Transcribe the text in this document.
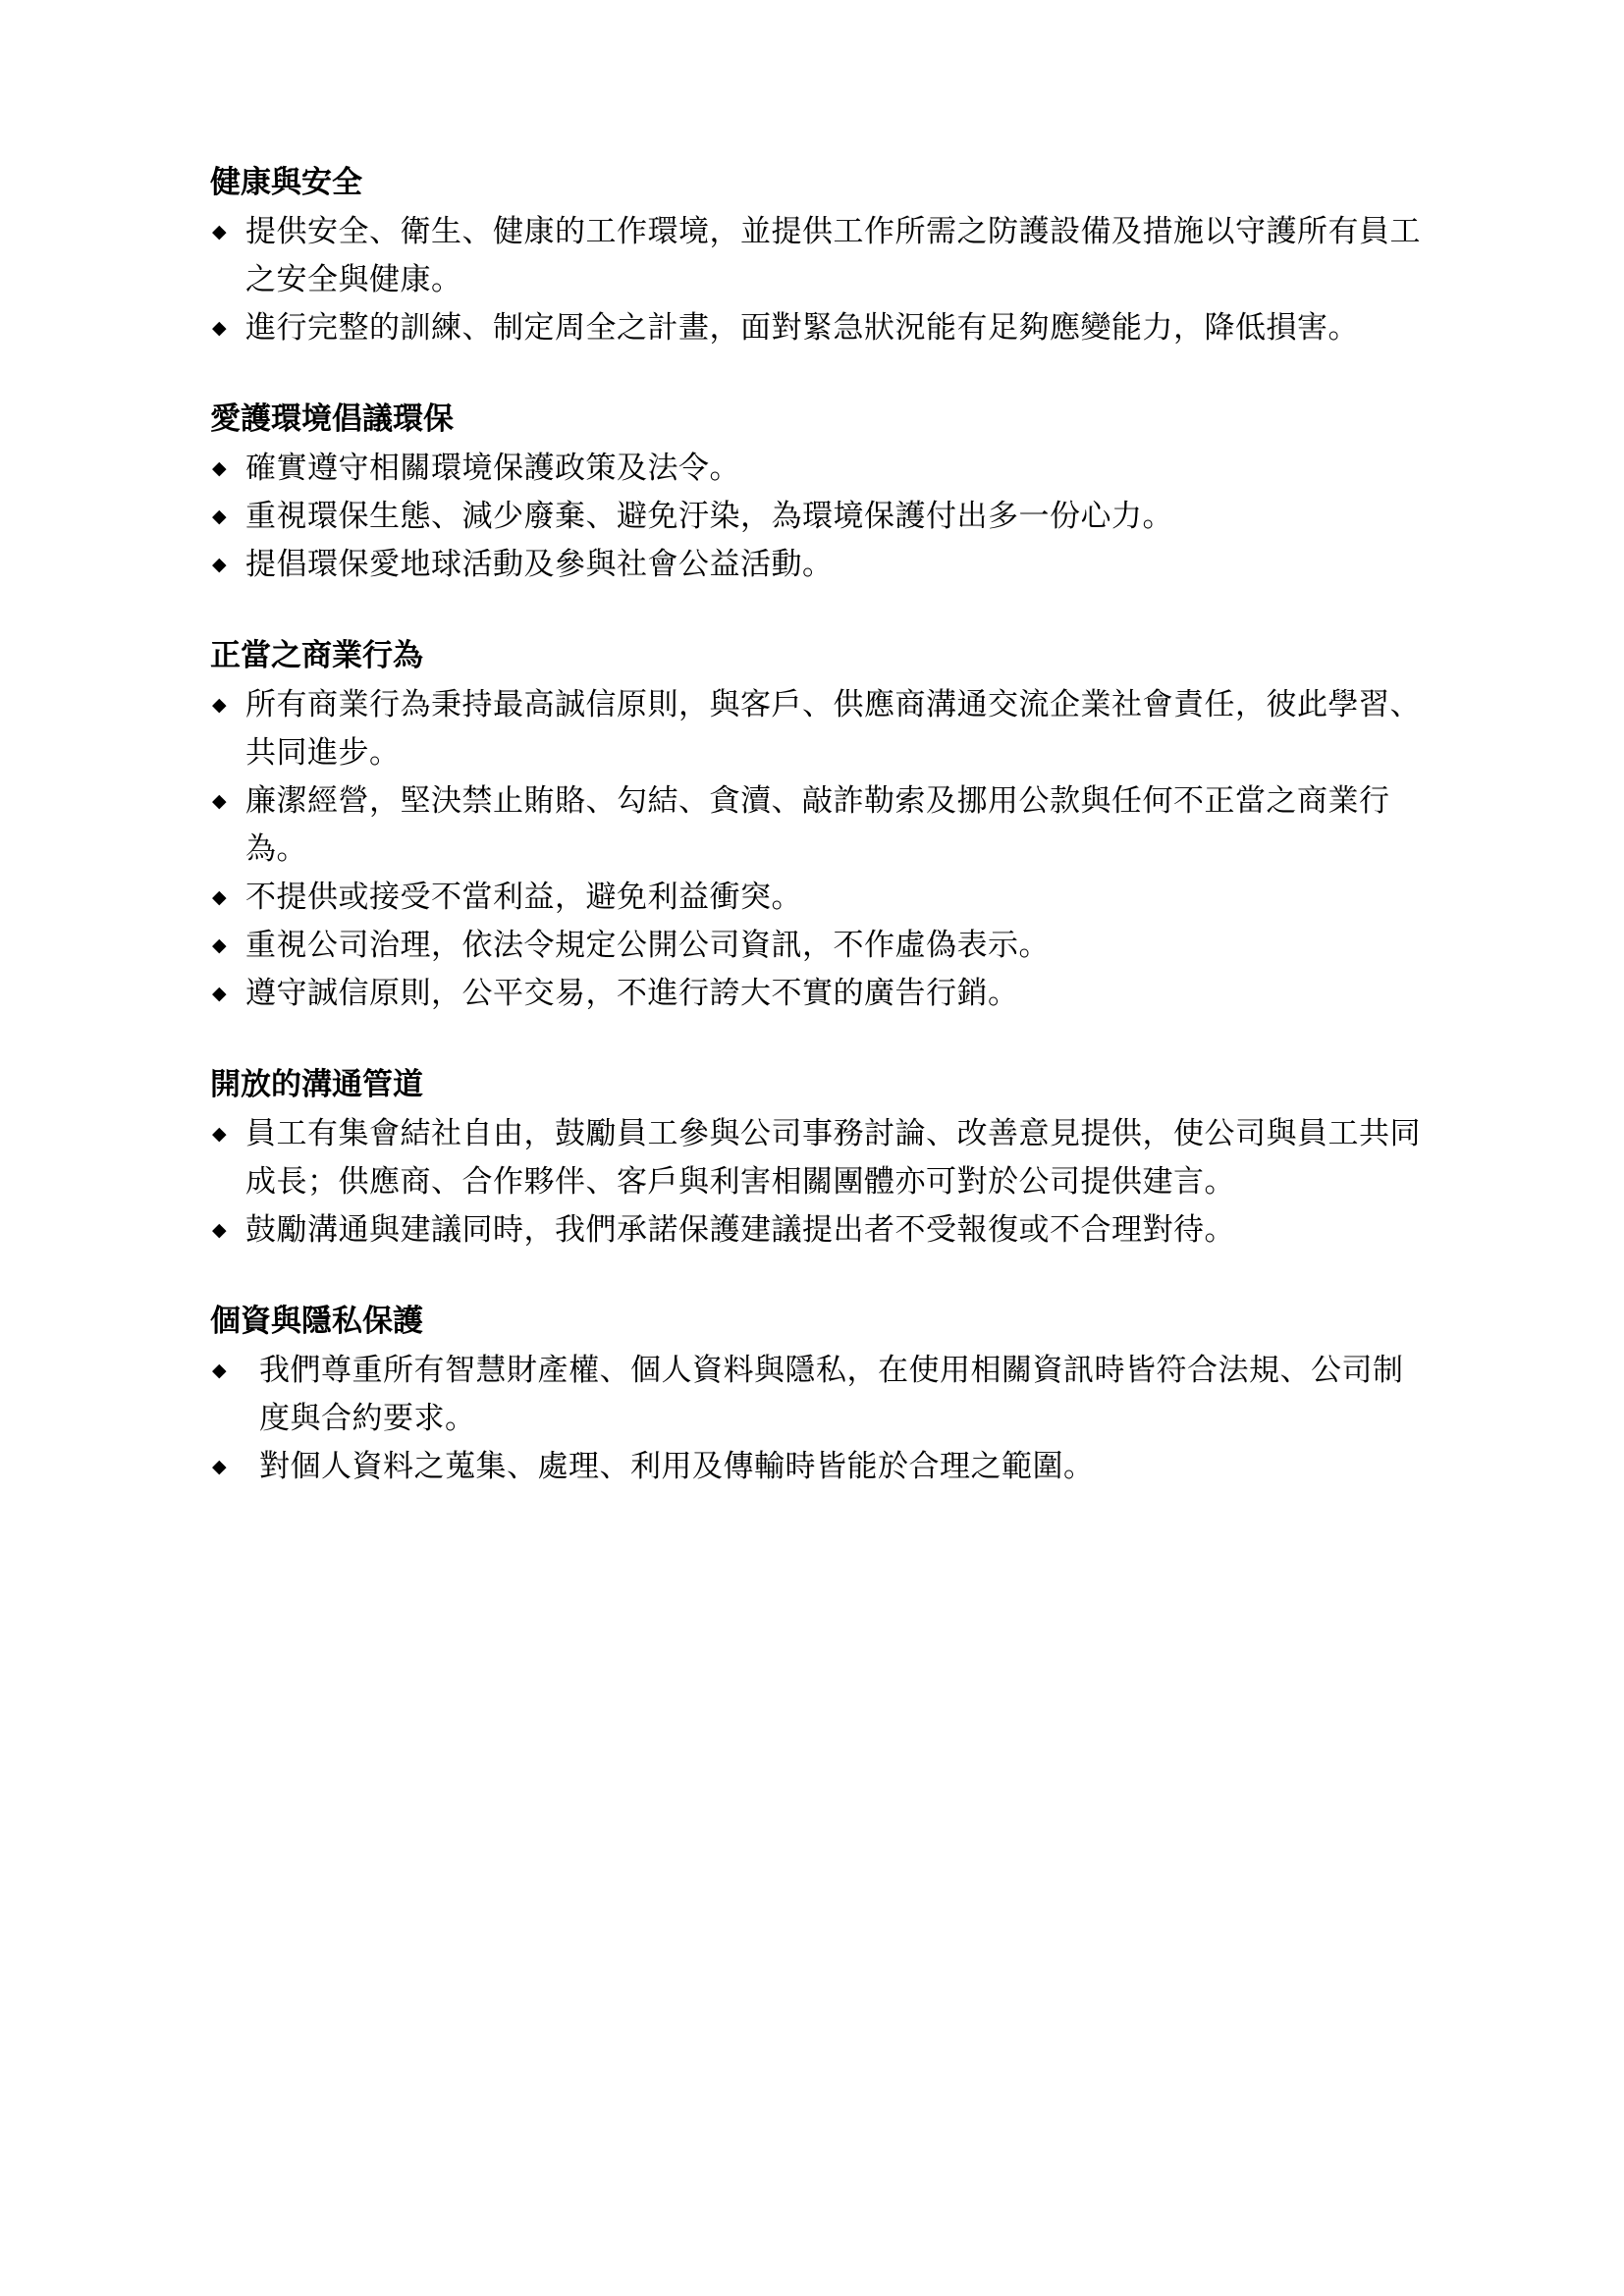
健康與安全
◆ 提供安全、衛生、健康的工作環境，並提供工作所需之防護設備及措施以守護所有員工之安全與健康。
◆ 進行完整的訓練、制定周全之計畫，面對緊急狀況能有足夠應變能力，降低損害。
愛護環境倡議環保
◆ 確實遵守相關環境保護政策及法令。
◆ 重視環保生態、減少廢棄、避免汙染，為環境保護付出多一份心力。
◆ 提倡環保愛地球活動及參與社會公益活動。
正當之商業行為
◆ 所有商業行為秉持最高誠信原則，與客戶、供應商溝通交流企業社會責任，彼此學習、共同進步。
◆ 廉潔經營，堅決禁止賄賂、勾結、貪瀆、敲詐勒索及挪用公款與任何不正當之商業行為。
◆ 不提供或接受不當利益，避免利益衝突。
◆ 重視公司治理，依法令規定公開公司資訊，不作虛偽表示。
◆ 遵守誠信原則，公平交易，不進行誇大不實的廣告行銷。
開放的溝通管道
◆ 員工有集會結社自由，鼓勵員工參與公司事務討論、改善意見提供，使公司與員工共同成長；供應商、合作夥伴、客戶與利害相關團體亦可對於公司提供建言。
◆ 鼓勵溝通與建議同時，我們承諾保護建議提出者不受報復或不合理對待。
個資與隱私保護
◆ 我們尊重所有智慧財產權、個人資料與隱私，在使用相關資訊時皆符合法規、公司制度與合約要求。
◆ 對個人資料之蒐集、處理、利用及傳輸時皆能於合理之範圍。
